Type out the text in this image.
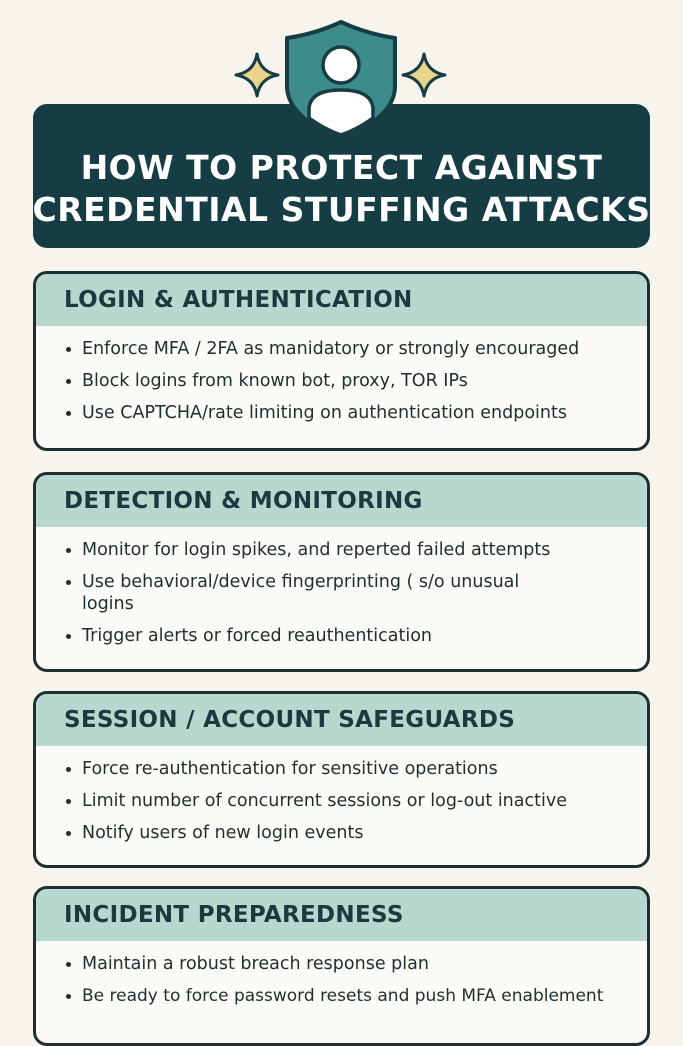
HOW TO PROTECT AGAINST
CREDENTIAL STUFFING ATTACKS
LOGIN & AUTHENTICATION
Enforce MFA / 2FA as manidatory or strongly encouraged
Block logins from known bot, proxy, TOR IPs
Use CAPTCHA/rate limiting on authentication endpoints
DETECTION & MONITORING
Monitor for login spikes, and reperted failed attempts
Use behavioral/device fingerprinting ( s/o unusual logins
Trigger alerts or forced reauthentication
SESSION / ACCOUNT SAFEGUARDS
Force re-authentication for sensitive operations
Limit number of concurrent sessions or log-out inactive
Notify users of new login events
INCIDENT PREPAREDNESS
Maintain a robust breach response plan
Be ready to force password resets and push MFA enablement
